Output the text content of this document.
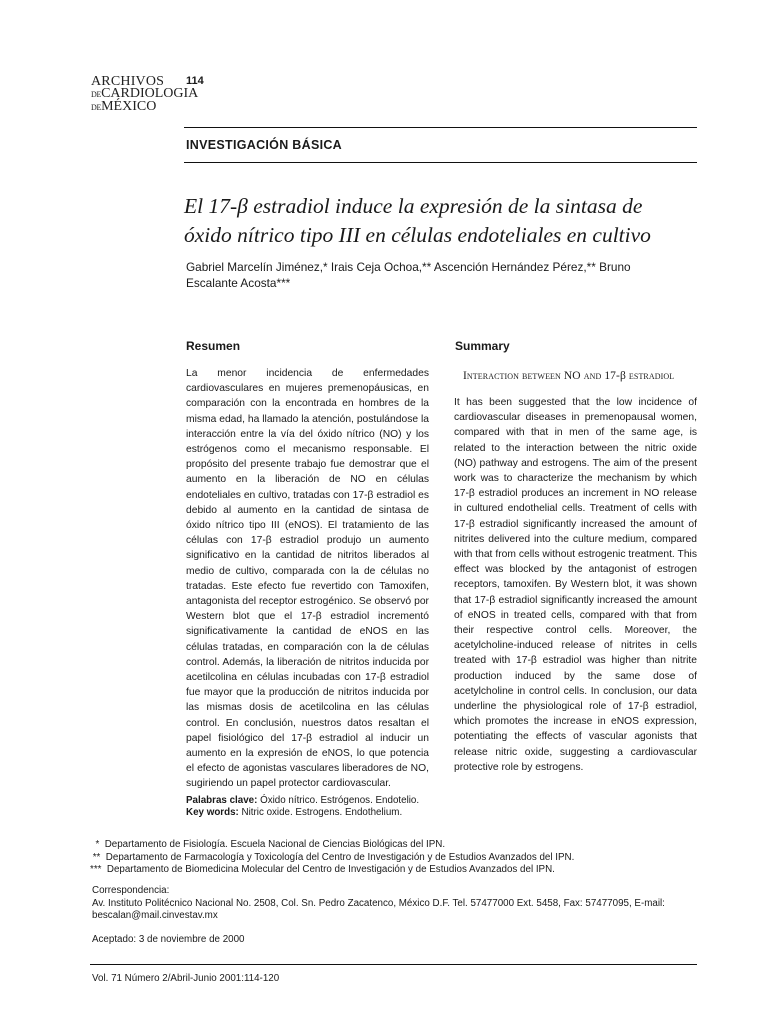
ARCHIVOS
DECARDIOLOGIA
DEMÉXICO
114
INVESTIGACIÓN BÁSICA
El 17-β estradiol induce la expresión de la sintasa de
óxido nítrico tipo III en células endoteliales en cultivo
Gabriel Marcelín Jiménez,* Irais Ceja Ochoa,** Ascención Hernández Pérez,** Bruno
Escalante Acosta***
Resumen

La menor incidencia de enfermedades cardiovasculares en mujeres premenopáusicas, en comparación con la encontrada en hombres de la misma edad, ha llamado la atención, postulándose la interacción entre la vía del óxido nítrico (NO) y los estrógenos como el mecanismo responsable. El propósito del presente trabajo fue demostrar que el aumento en la liberación de NO en células endoteliales en cultivo, tratadas con 17-β estradiol es debido al aumento en la cantidad de sintasa de óxido nítrico tipo III (eNOS). El tratamiento de las células con 17-β estradiol produjo un aumento significativo en la cantidad de nitritos liberados al medio de cultivo, comparada con la de células no tratadas. Este efecto fue revertido con Tamoxifen, antagonista del receptor estrogénico. Se observó por Western blot que el 17-β estradiol incrementó significativamente la cantidad de eNOS en las células tratadas, en comparación con la de células control. Además, la liberación de nitritos inducida por acetilcolina en células incubadas con 17-β estradiol fue mayor que la producción de nitritos inducida por las mismas dosis de acetilcolina en las células control. En conclusión, nuestros datos resaltan el papel fisiológico del 17-β estradiol al inducir un aumento en la expresión de eNOS, lo que potencia el efecto de agonistas vasculares liberadores de NO, sugiriendo un papel protector cardiovascular.

Summary
Interaction between NO and 17-β estradiol

It has been suggested that the low incidence of cardiovascular diseases in premenopausal women, compared with that in men of the same age, is related to the interaction between the nitric oxide (NO) pathway and estrogens. The aim of the present work was to characterize the mechanism by which 17-β estradiol produces an increment in NO release in cultured endothelial cells. Treatment of cells with 17-β estradiol significantly increased the amount of nitrites delivered into the culture medium, compared with that from cells without estrogenic treatment. This effect was blocked by the antagonist of estrogen receptors, tamoxifen. By Western blot, it was shown that 17-β estradiol significantly increased the amount of eNOS in treated cells, compared with that from their respective control cells. Moreover, the acetylcholine-induced release of nitrites in cells treated with 17-β estradiol was higher than nitrite production induced by the same dose of acetylcholine in control cells. In conclusion, our data underline the physiological role of 17-β estradiol, which promotes the increase in eNOS expression, potentiating the effects of vascular agonists that release nitric oxide, suggesting a cardiovascular protective role by estrogens.

Palabras clave: Óxido nítrico. Estrógenos. Endotelio.
Key words: Nitric oxide. Estrogens. Endothelium.
*  Departamento de Fisiología. Escuela Nacional de Ciencias Biológicas del IPN.
**  Departamento de Farmacología y Toxicología del Centro de Investigación y de Estudios Avanzados del IPN.
***  Departamento de Biomedicina Molecular del Centro de Investigación y de Estudios Avanzados del IPN.
Correspondencia:
Av. Instituto Politécnico Nacional No. 2508, Col. Sn. Pedro Zacatenco, México D.F. Tel. 57477000 Ext. 5458, Fax: 57477095, E-mail:
bescalan@mail.cinvestav.mx
Aceptado: 3 de noviembre de 2000
Vol. 71 Número 2/Abril-Junio 2001:114-120
